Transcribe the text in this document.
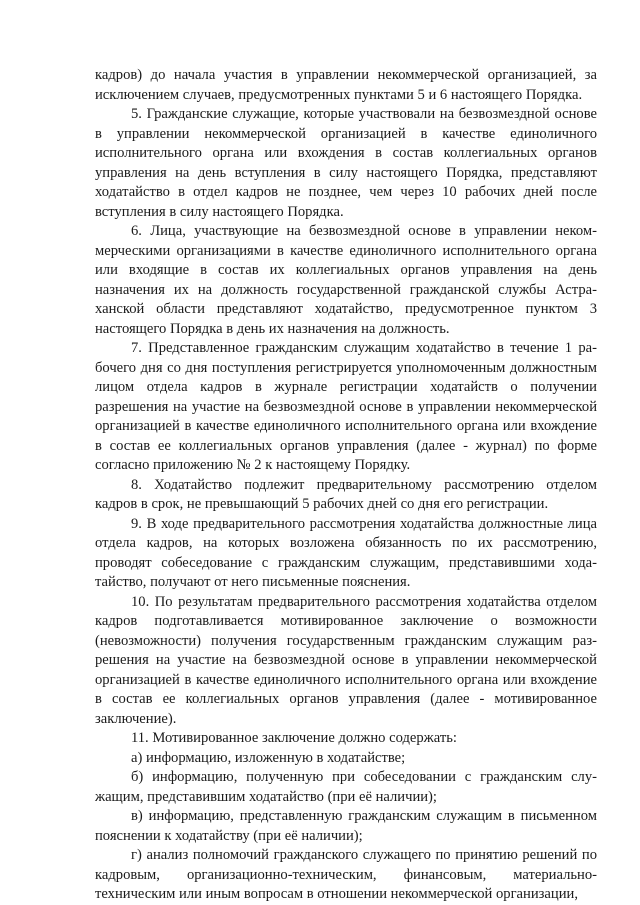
кадров) до начала участия в управлении некоммерческой организацией, за исключением случаев, предусмотренных пунктами 5 и 6 настоящего Порядка.

5. Гражданские служащие, которые участвовали на безвозмездной основе в управлении некоммерческой организацией в качестве единоличного исполнительного органа или вхождения в состав коллегиальных органов управления на день вступления в силу настоящего Порядка, представляют ходатайство в отдел кадров не позднее, чем через 10 рабочих дней после вступления в силу настоящего Порядка.

6. Лица, участвующие на безвозмездной основе в управлении некоммерческими организациями в качестве единоличного исполнительного органа или входящие в состав их коллегиальных органов управления на день назначения их на должность государственной гражданской службы Астраханской области представляют ходатайство, предусмотренное пунктом 3 настоящего Порядка в день их назначения на должность.

7. Представленное гражданским служащим ходатайство в течение 1 рабочего дня со дня поступления регистрируется уполномоченным должностным лицом отдела кадров в журнале регистрации ходатайств о получении разрешения на участие на безвозмездной основе в управлении некоммерческой организацией в качестве единоличного исполнительного органа или вхождение в состав ее коллегиальных органов управления (далее - журнал) по форме согласно приложению № 2 к настоящему Порядку.

8. Ходатайство подлежит предварительному рассмотрению отделом кадров в срок, не превышающий 5 рабочих дней со дня его регистрации.

9. В ходе предварительного рассмотрения ходатайства должностные лица отдела кадров, на которых возложена обязанность по их рассмотрению, проводят собеседование с гражданским служащим, представившими ходатайство, получают от него письменные пояснения.

10. По результатам предварительного рассмотрения ходатайства отделом кадров подготавливается мотивированное заключение о возможности (невозможности) получения государственным гражданским служащим разрешения на участие на безвозмездной основе в управлении некоммерческой организацией в качестве единоличного исполнительного органа или вхождение в состав ее коллегиальных органов управления (далее - мотивированное заключение).

11. Мотивированное заключение должно содержать:

а) информацию, изложенную в ходатайстве;

б) информацию, полученную при собеседовании с гражданским служащим, представившим ходатайство (при её наличии);

в) информацию, представленную гражданским служащим в письменном пояснении к ходатайству (при её наличии);

г) анализ полномочий гражданского служащего по принятию решений по кадровым, организационно-техническим, финансовым, материально-техническим или иным вопросам в отношении некоммерческой организации,
